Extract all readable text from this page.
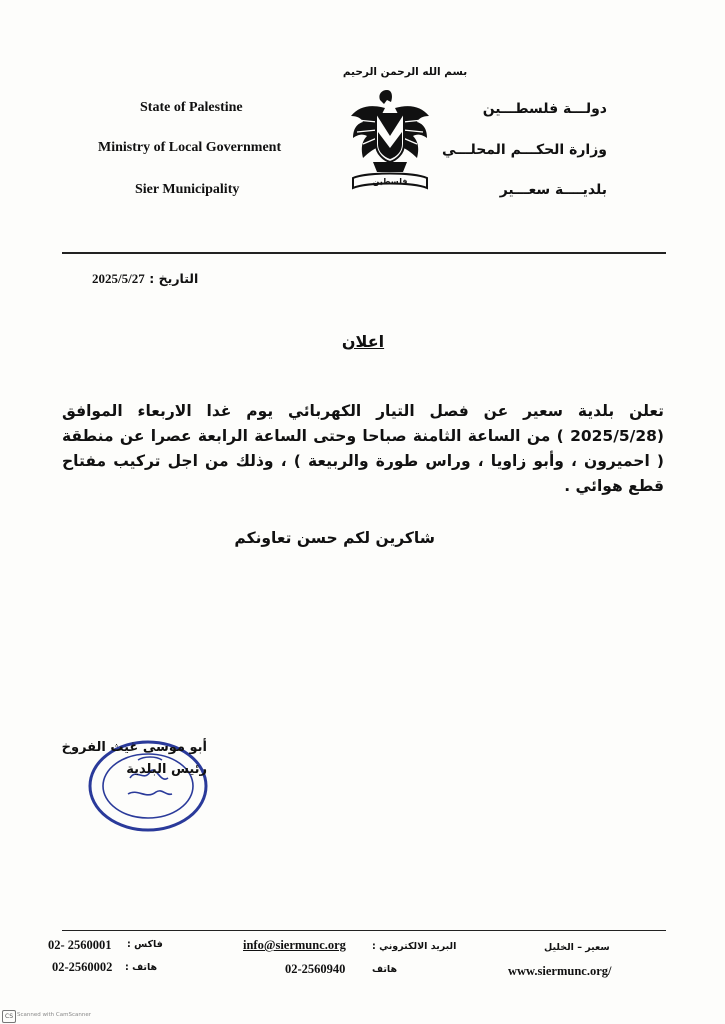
بسم الله الرحمن الرحيم
State of Palestine
Ministry of Local Government
Sier Municipality
دولـــة فلسطـــين
وزارة الحكـــم المحلـــي
بلديــــة سعـــير
فلسطين
التاريخ : 2025/5/27
اعلان
تعلن بلدية سعير عن فصل التيار الكهربائي يوم غدا الاربعاء الموافق (2025/5/28 ) من الساعة الثامنة صباحا وحتى الساعة الرابعة عصرا عن منطقة ( احميرون ، وأبو زاويا ، وراس طورة والربيعة ) ، وذلك من اجل تركيب مفتاح قطع هوائي .
شاكرين لكم حسن تعاونكم
أبو موسى غيث الفروخ
رئيس البلدية
02- 2560001 فاكس :
02-2560002 هاتف :
info@siermunc.org	البريد الالكتروني :
02-2560940	هاتف
سعير – الخليل
www.siermunc.org/
CS Scanned with CamScanner
